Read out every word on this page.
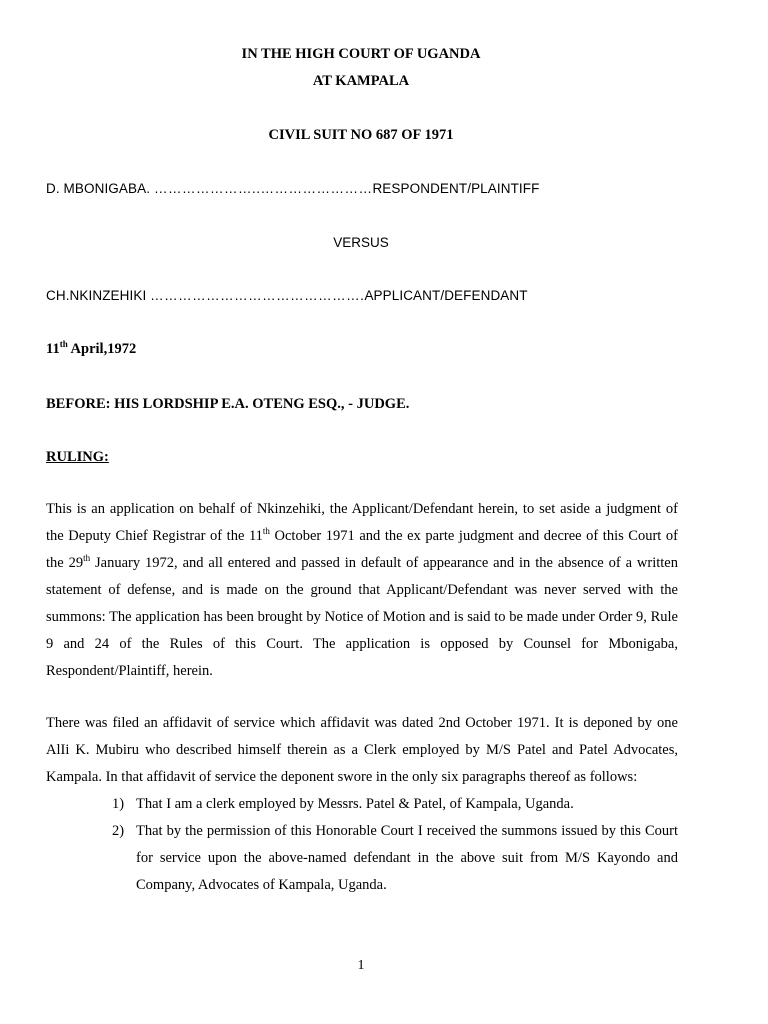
IN THE HIGH COURT OF UGANDA
AT KAMPALA
CIVIL SUIT NO 687 OF 1971
D. MBONIGABA. …………………..……………………RESPONDENT/PLAINTIFF
VERSUS
CH.NKINZEHIKI ……………………………………….APPLICANT/DEFENDANT
11th April,1972
BEFORE: HIS LORDSHIP E.A. OTENG ESQ., - JUDGE.
RULING:
This is an application on behalf of Nkinzehiki, the Applicant/Defendant herein, to set aside a judgment of the Deputy Chief Registrar of the 11th October 1971 and the ex parte judgment and decree of this Court of the 29th January 1972, and all entered and passed in default of appearance and in the absence of a written statement of defense, and is made on the ground that Applicant/Defendant was never served with the summons: The application has been brought by Notice of Motion and is said to be made under Order 9, Rule 9 and 24 of the Rules of this Court. The application is opposed by Counsel for Mbonigaba, Respondent/Plaintiff, herein.
There was filed an affidavit of service which affidavit was dated 2nd October 1971. It is deponed by one AlIi K. Mubiru who described himself therein as a Clerk employed by M/S Patel and Patel Advocates, Kampala. In that affidavit of service the deponent swore in the only six paragraphs thereof as follows:
1) That I am a clerk employed by Messrs. Patel & Patel, of Kampala, Uganda.
2) That by the permission of this Honorable Court I received the summons issued by this Court for service upon the above-named defendant in the above suit from M/S Kayondo and Company, Advocates of Kampala, Uganda.
1
